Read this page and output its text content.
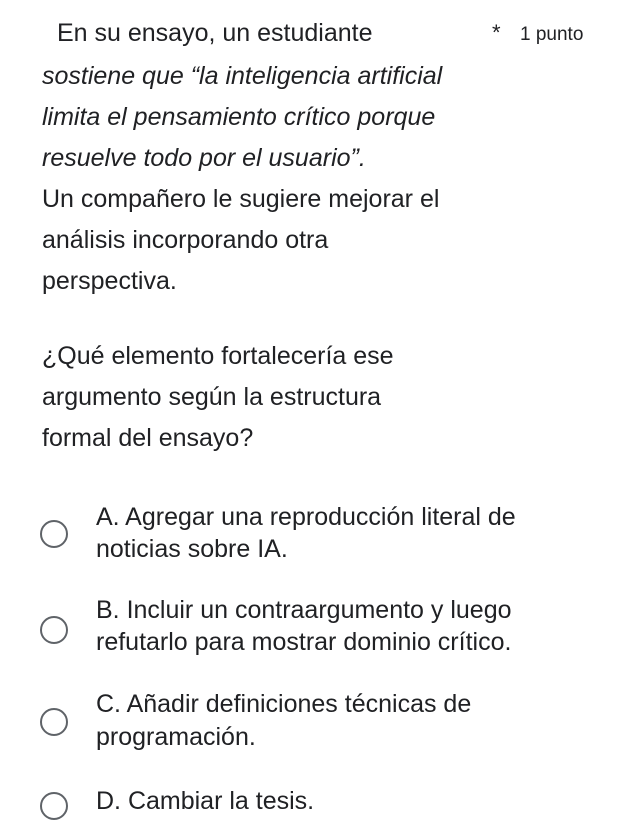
En su ensayo, un estudiante	* 1 punto
sostiene que “la inteligencia artificial
limita el pensamiento crítico porque
resuelve todo por el usuario”.
Un compañero le sugiere mejorar el
análisis incorporando otra
perspectiva.
¿Qué elemento fortalecería ese
argumento según la estructura
formal del ensayo?
A. Agregar una reproducción literal de
noticias sobre IA.
B. Incluir un contraargumento y luego
refutarlo para mostrar dominio crítico.
C. Añadir definiciones técnicas de
programación.
D. Cambiar la tesis.
